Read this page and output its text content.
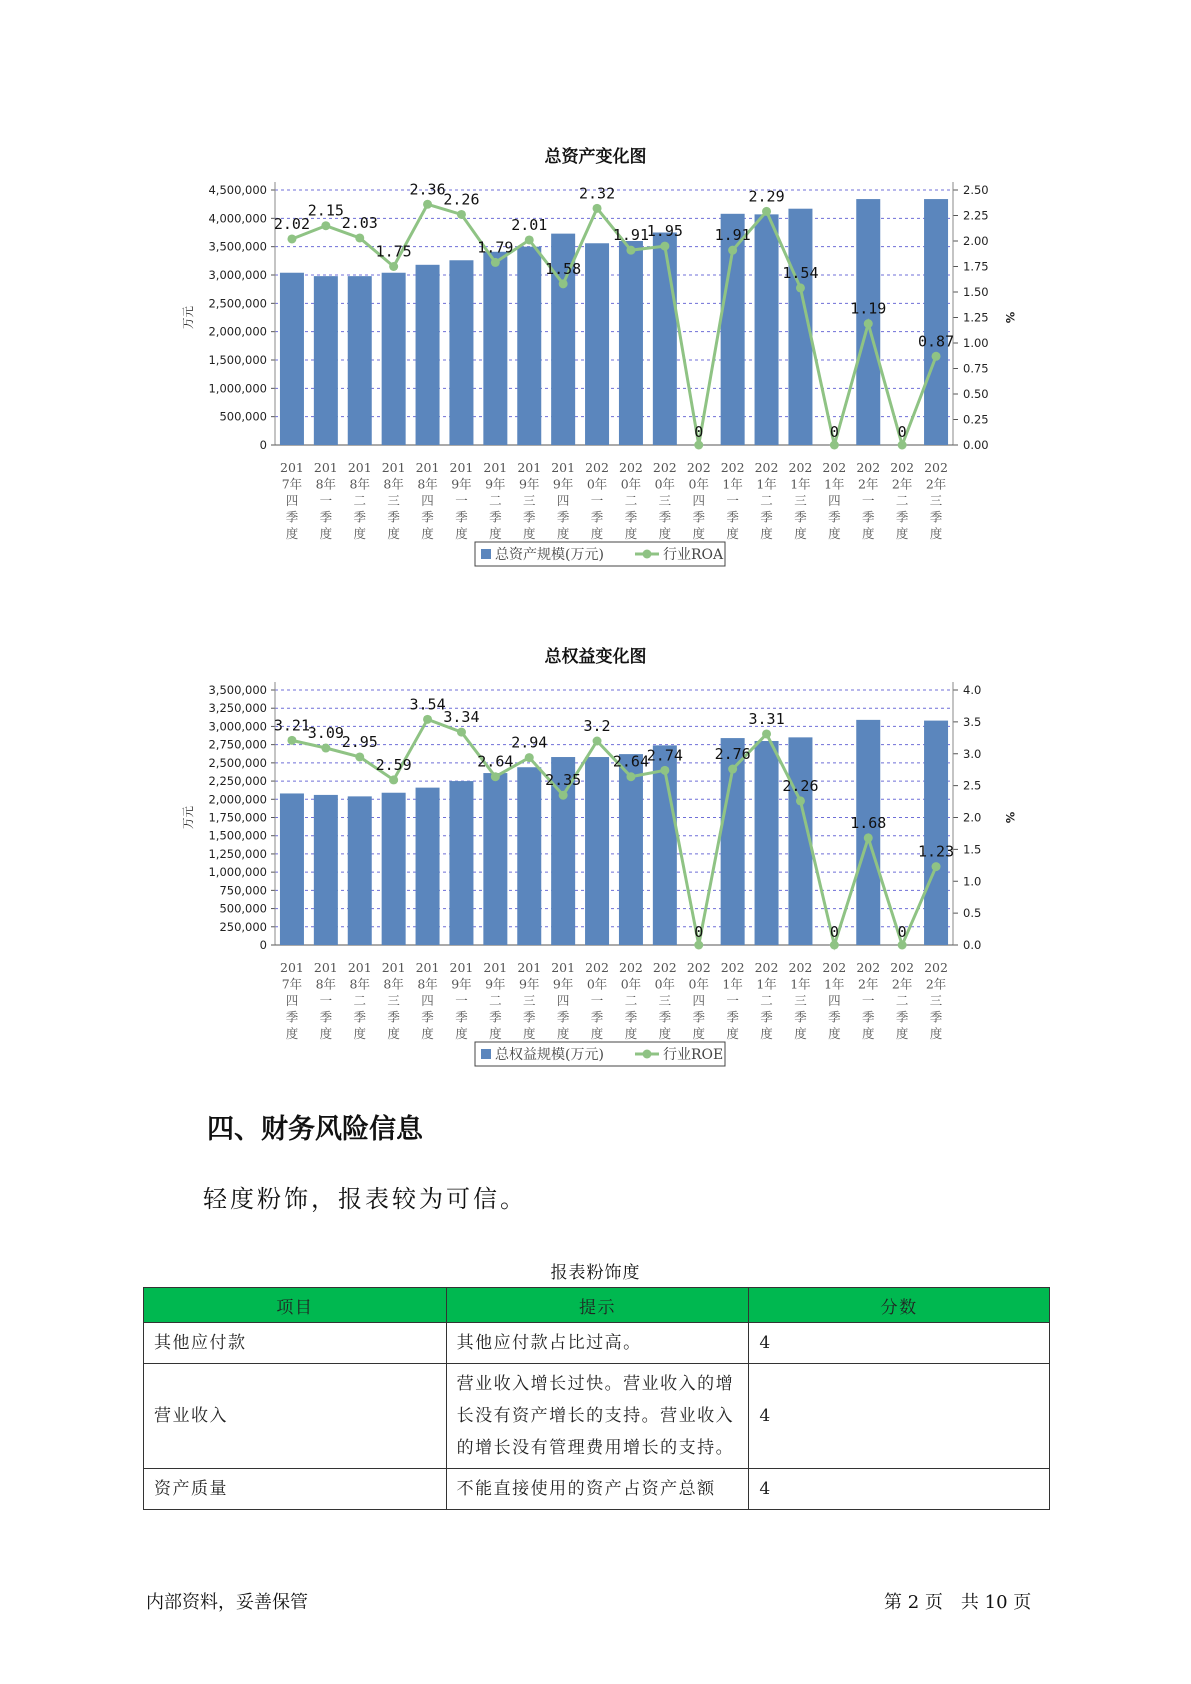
总资产变化图
4,500,000
4,000,000
3,500,000
3,000,000
2,500,000
2,000,000
1,500,000
1,000,000
500,000
0
2.50
2.25
2.00
1.75
1.50
1.25
1.00
0.75
0.50
0.25
0.00
万元	%
2.02
2.15
2.03
1.75
2.36
2.26
1.79
2.01
1.58
2.32
1.91
1.95
0
1.91
2.29
1.54
0
1.19
0
0.87
201
7年
四
季
度
201
8年
一
季
度
201
8年
二
季
度
201
8年
三
季
度
201
8年
四
季
度
201
9年
一
季
度
201
9年
二
季
度
201
9年
三
季
度
201
9年
四
季
度
202
0年
一
季
度
202
0年
二
季
度
202
0年
三
季
度
202
0年
四
季
度
202
1年
一
季
度
202
1年
二
季
度
202
1年
三
季
度
202
1年
四
季
度
202
2年
一
季
度
202
2年
二
季
度
202
2年
三
季
度
总资产规模(万元)	行业ROA
总权益变化图
3,500,000
3,250,000
3,000,000
2,750,000
2,500,000
2,250,000
2,000,000
1,750,000
1,500,000
1,250,000
1,000,000
750,000
500,000
250,000
0
4.0
3.5
3.0
2.5
2.0
1.5
1.0
0.5
0.0
万元	%
3.21
3.09
2.95
2.59
3.54
3.34
2.64
2.94
2.35
3.2
2.64
2.74
0
2.76
3.31
2.26
0
1.68
0
1.23
201
7年
四
季
度
201
8年
一
季
度
201
8年
二
季
度
201
8年
三
季
度
201
8年
四
季
度
201
9年
一
季
度
201
9年
二
季
度
201
9年
三
季
度
201
9年
四
季
度
202
0年
一
季
度
202
0年
二
季
度
202
0年
三
季
度
202
0年
四
季
度
202
1年
一
季
度
202
1年
二
季
度
202
1年
三
季
度
202
1年
四
季
度
202
2年
一
季
度
202
2年
二
季
度
202
2年
三
季
度
总权益规模(万元)	行业ROE
四、财务风险信息

轻度粉饰，报表较为可信。

报表粉饰度
项目	提示	分数
其他应付款	其他应付款占比过高。	4
营业收入	营业收入增长过快。营业收入的增长没有资产增长的支持。营业收入的增长没有管理费用增长的支持。	4
资产质量	不能直接使用的资产占资产总额	4
内部资料，妥善保管	第 2 页　共 10 页
